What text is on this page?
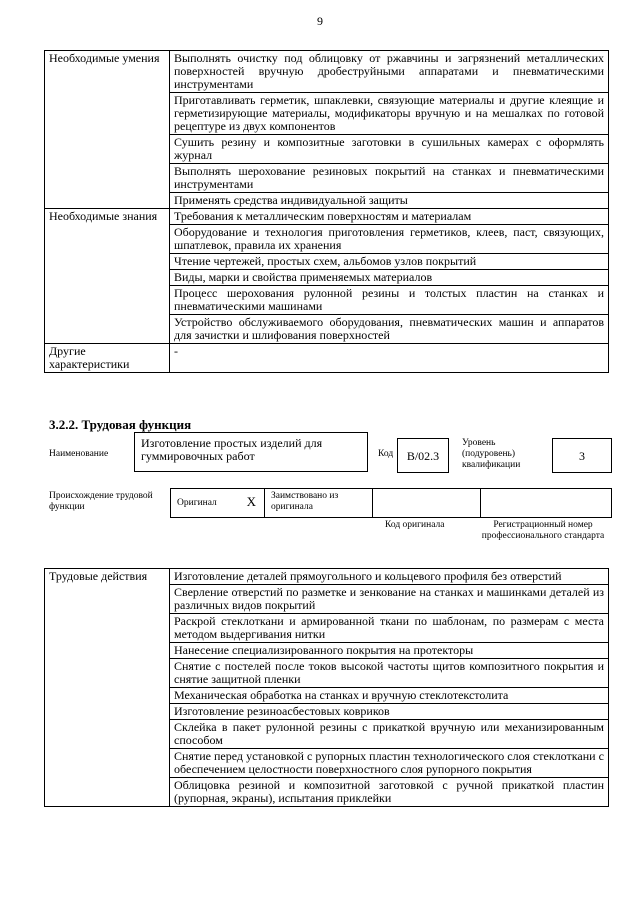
9
Необходимые умения	Выполнять очистку под облицовку от ржавчины и загрязнений металлических поверхностей вручную дробеструйными аппаратами и пневматическими инструментами
	Приготавливать герметик, шпаклевки, связующие материалы и другие клеящие и герметизирующие материалы, модификаторы вручную и на мешалках по готовой рецептуре из двух компонентов
	Сушить резину и композитные заготовки в сушильных камерах с оформлять журнал
	Выполнять шерохование резиновых покрытий на станках и пневматическими инструментами
	Применять средства индивидуальной защиты
Необходимые знания	Требования к металлическим поверхностям и материалам
	Оборудование и технология приготовления герметиков, клеев, паст, связующих, шпатлевок, правила их хранения
	Чтение чертежей, простых схем, альбомов узлов покрытий
	Виды, марки и свойства применяемых материалов
	Процесс шерохования рулонной резины и толстых пластин на станках и пневматическими машинами
	Устройство обслуживаемого оборудования, пневматических машин и аппаратов для зачистки и шлифования поверхностей
Другие характеристики	-
3.2.2. Трудовая функция
Наименование
Изготовление простых изделий для гуммировочных работ	Код	B/02.3
Уровень (подуровень) квалификации
3
Происхождение трудовой функции	Оригинал X Заимствовано из оригинала
Код оригинала	Регистрационный номер профессионального стандарта
Трудовые действия	Изготовление деталей прямоугольного и кольцевого профиля без отверстий
Сверление отверстий по разметке и зенкование на станках и машинками деталей из различных видов покрытий
Раскрой стеклоткани и армированной ткани по шаблонам, по размерам с места методом выдергивания нитки
Нанесение специализированного покрытия на протекторы
Снятие с постелей после токов высокой частоты щитов композитного покрытия и снятие защитной пленки
Механическая обработка на станках и вручную стеклотекстолита
Изготовление резиноасбестовых ковриков
Склейка в пакет рулонной резины с прикаткой вручную или механизированным способом
Снятие перед установкой с рупорных пластин технологического слоя стеклоткани с обеспечением целостности поверхностного слоя рупорного покрытия
Облицовка резиной и композитной заготовкой с ручной прикаткой пластин (рупорная, экраны), испытания приклейки
